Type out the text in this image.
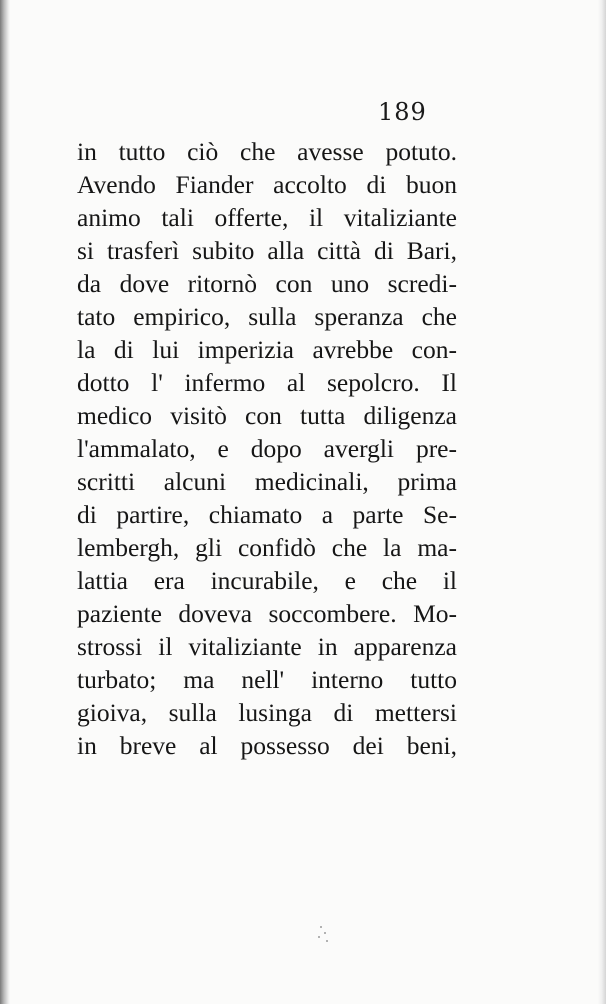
189
in tutto ciò che avesse potuto.
Avendo Fiander accolto di buon
animo tali offerte, il vitaliziante
si trasferì subito alla città di Bari,
da dove ritornò con uno scredi-
tato empirico, sulla speranza che
la di lui imperizia avrebbe con-
dotto l' infermo al sepolcro. Il
medico visitò con tutta diligenza
l'ammalato, e dopo avergli pre-
scritti alcuni medicinali, prima
di partire, chiamato a parte Se-
lembergh, gli confidò che la ma-
lattia era incurabile, e che il
paziente doveva soccombere. Mo-
strossi il vitaliziante in apparenza
turbato; ma nell' interno tutto
gioiva, sulla lusinga di mettersi
in breve al possesso dei beni,
